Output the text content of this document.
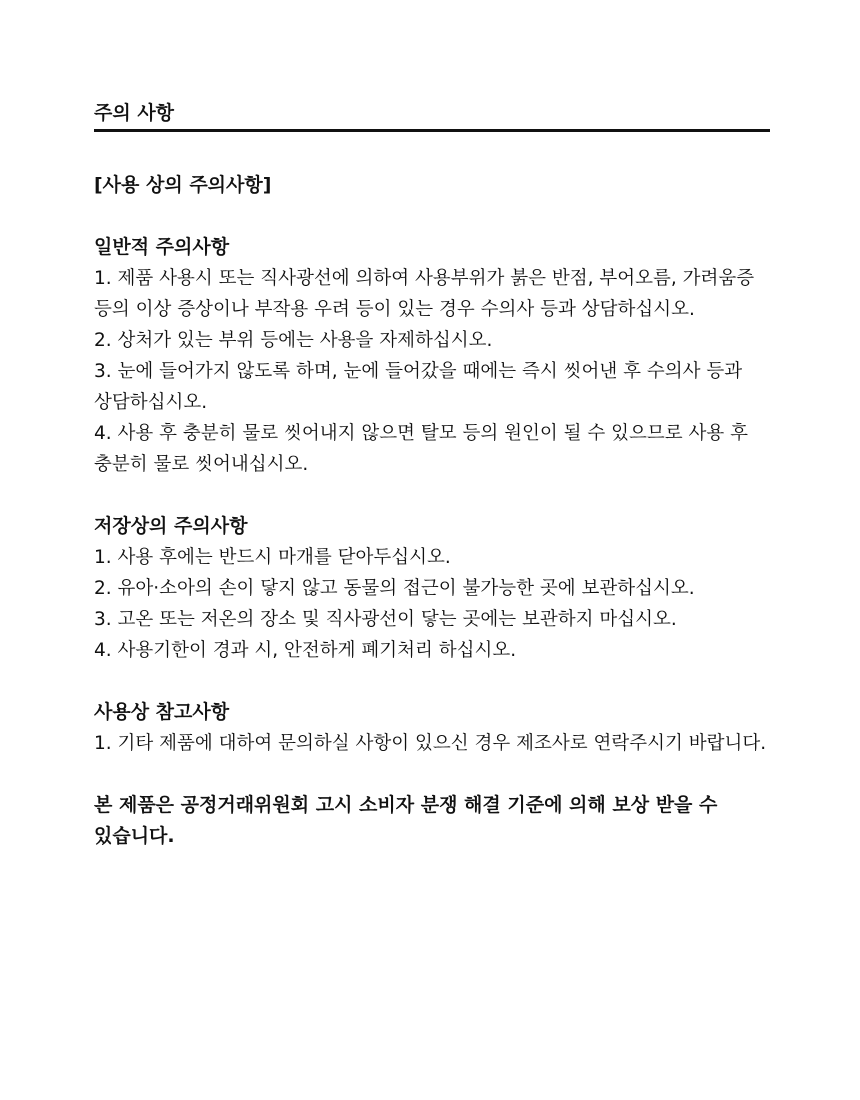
주의 사항
[사용 상의 주의사항]
일반적 주의사항
1. 제품 사용시 또는 직사광선에 의하여 사용부위가 붉은 반점, 부어오름, 가려움증 등의 이상 증상이나 부작용 우려 등이 있는 경우 수의사 등과 상담하십시오.
2. 상처가 있는 부위 등에는 사용을 자제하십시오.
3. 눈에 들어가지 않도록 하며, 눈에 들어갔을 때에는 즉시 씻어낸 후 수의사 등과 상담하십시오.
4. 사용 후 충분히 물로 씻어내지 않으면 탈모 등의 원인이 될 수 있으므로 사용 후 충분히 물로 씻어내십시오.
저장상의 주의사항
1. 사용 후에는 반드시 마개를 닫아두십시오.
2. 유아·소아의 손이 닿지 않고 동물의 접근이 불가능한 곳에 보관하십시오.
3. 고온 또는 저온의 장소 및 직사광선이 닿는 곳에는 보관하지 마십시오.
4. 사용기한이 경과 시, 안전하게 폐기처리 하십시오.
사용상 참고사항
1. 기타 제품에 대하여 문의하실 사항이 있으신 경우 제조사로 연락주시기 바랍니다.
본 제품은 공정거래위원회 고시 소비자 분쟁 해결 기준에 의해 보상 받을 수 있습니다.
